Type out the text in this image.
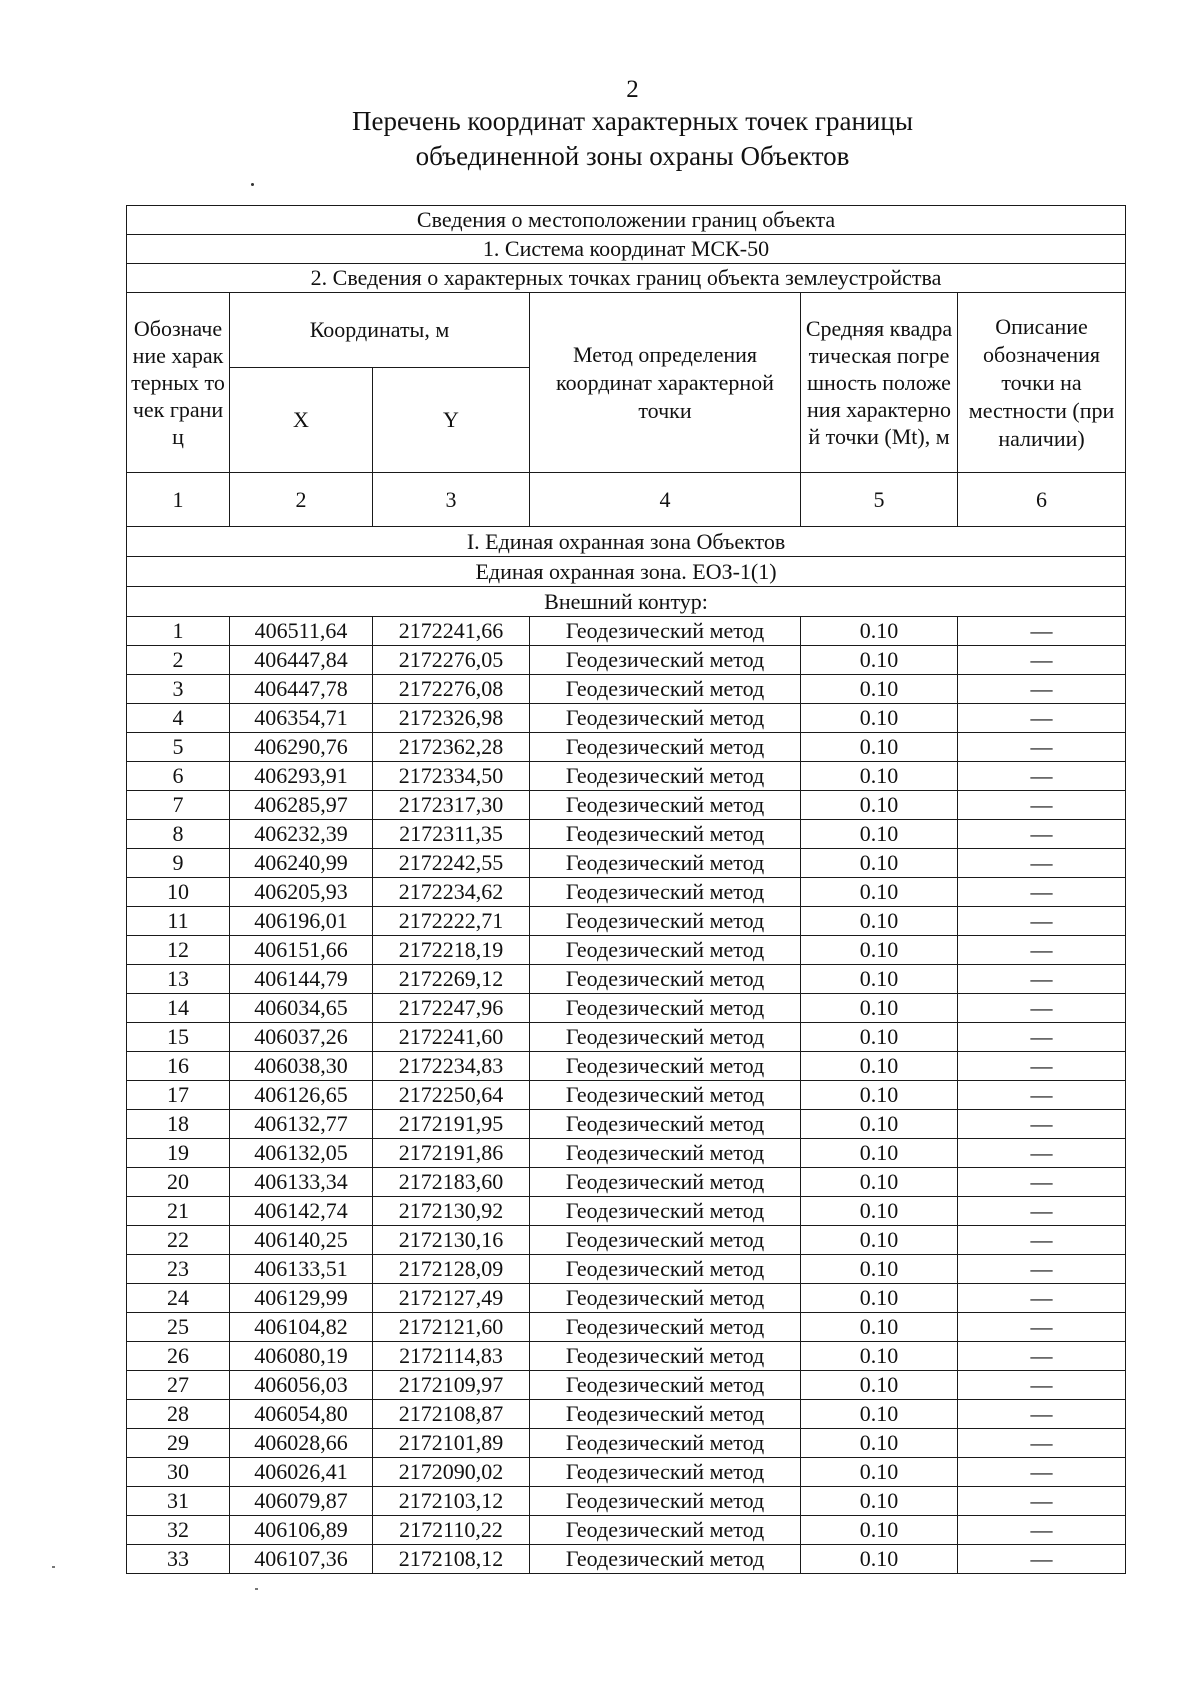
2
Перечень координат характерных точек границы
объединенной зоны охраны Объектов
Сведения о местоположении границ объекта					
1. Система координат МСК-50					
2. Сведения о характерных точках границ объекта землеустройства					

Обозначение характерных точек границ	Координаты, м		Метод определения координат характерной точки	Средняя квадратическая погрешность положения характерной точки (Mt), м	Описание обозначения точки на местности (при наличии)

	X	Y			
1	2	3	4	5	6
I. Единая охранная зона Объектов					
Единая охранная зона. ЕОЗ-1(1)					
Внешний контур:					
1	406511,64	2172241,66	Геодезический метод	0.10	—
2	406447,84	2172276,05	Геодезический метод	0.10	—
3	406447,78	2172276,08	Геодезический метод	0.10	—
4	406354,71	2172326,98	Геодезический метод	0.10	—
5	406290,76	2172362,28	Геодезический метод	0.10	—
6	406293,91	2172334,50	Геодезический метод	0.10	—
7	406285,97	2172317,30	Геодезический метод	0.10	—
8	406232,39	2172311,35	Геодезический метод	0.10	—
9	406240,99	2172242,55	Геодезический метод	0.10	—
10	406205,93	2172234,62	Геодезический метод	0.10	—
11	406196,01	2172222,71	Геодезический метод	0.10	—
12	406151,66	2172218,19	Геодезический метод	0.10	—
13	406144,79	2172269,12	Геодезический метод	0.10	—
14	406034,65	2172247,96	Геодезический метод	0.10	—
15	406037,26	2172241,60	Геодезический метод	0.10	—
16	406038,30	2172234,83	Геодезический метод	0.10	—
17	406126,65	2172250,64	Геодезический метод	0.10	—
18	406132,77	2172191,95	Геодезический метод	0.10	—
19	406132,05	2172191,86	Геодезический метод	0.10	—
20	406133,34	2172183,60	Геодезический метод	0.10	—
21	406142,74	2172130,92	Геодезический метод	0.10	—
22	406140,25	2172130,16	Геодезический метод	0.10	—
23	406133,51	2172128,09	Геодезический метод	0.10	—
24	406129,99	2172127,49	Геодезический метод	0.10	—
25	406104,82	2172121,60	Геодезический метод	0.10	—
26	406080,19	2172114,83	Геодезический метод	0.10	—
27	406056,03	2172109,97	Геодезический метод	0.10	—
28	406054,80	2172108,87	Геодезический метод	0.10	—
29	406028,66	2172101,89	Геодезический метод	0.10	—
30	406026,41	2172090,02	Геодезический метод	0.10	—
31	406079,87	2172103,12	Геодезический метод	0.10	—
32	406106,89	2172110,22	Геодезический метод	0.10	—
33	406107,36	2172108,12	Геодезический метод	0.10	—
